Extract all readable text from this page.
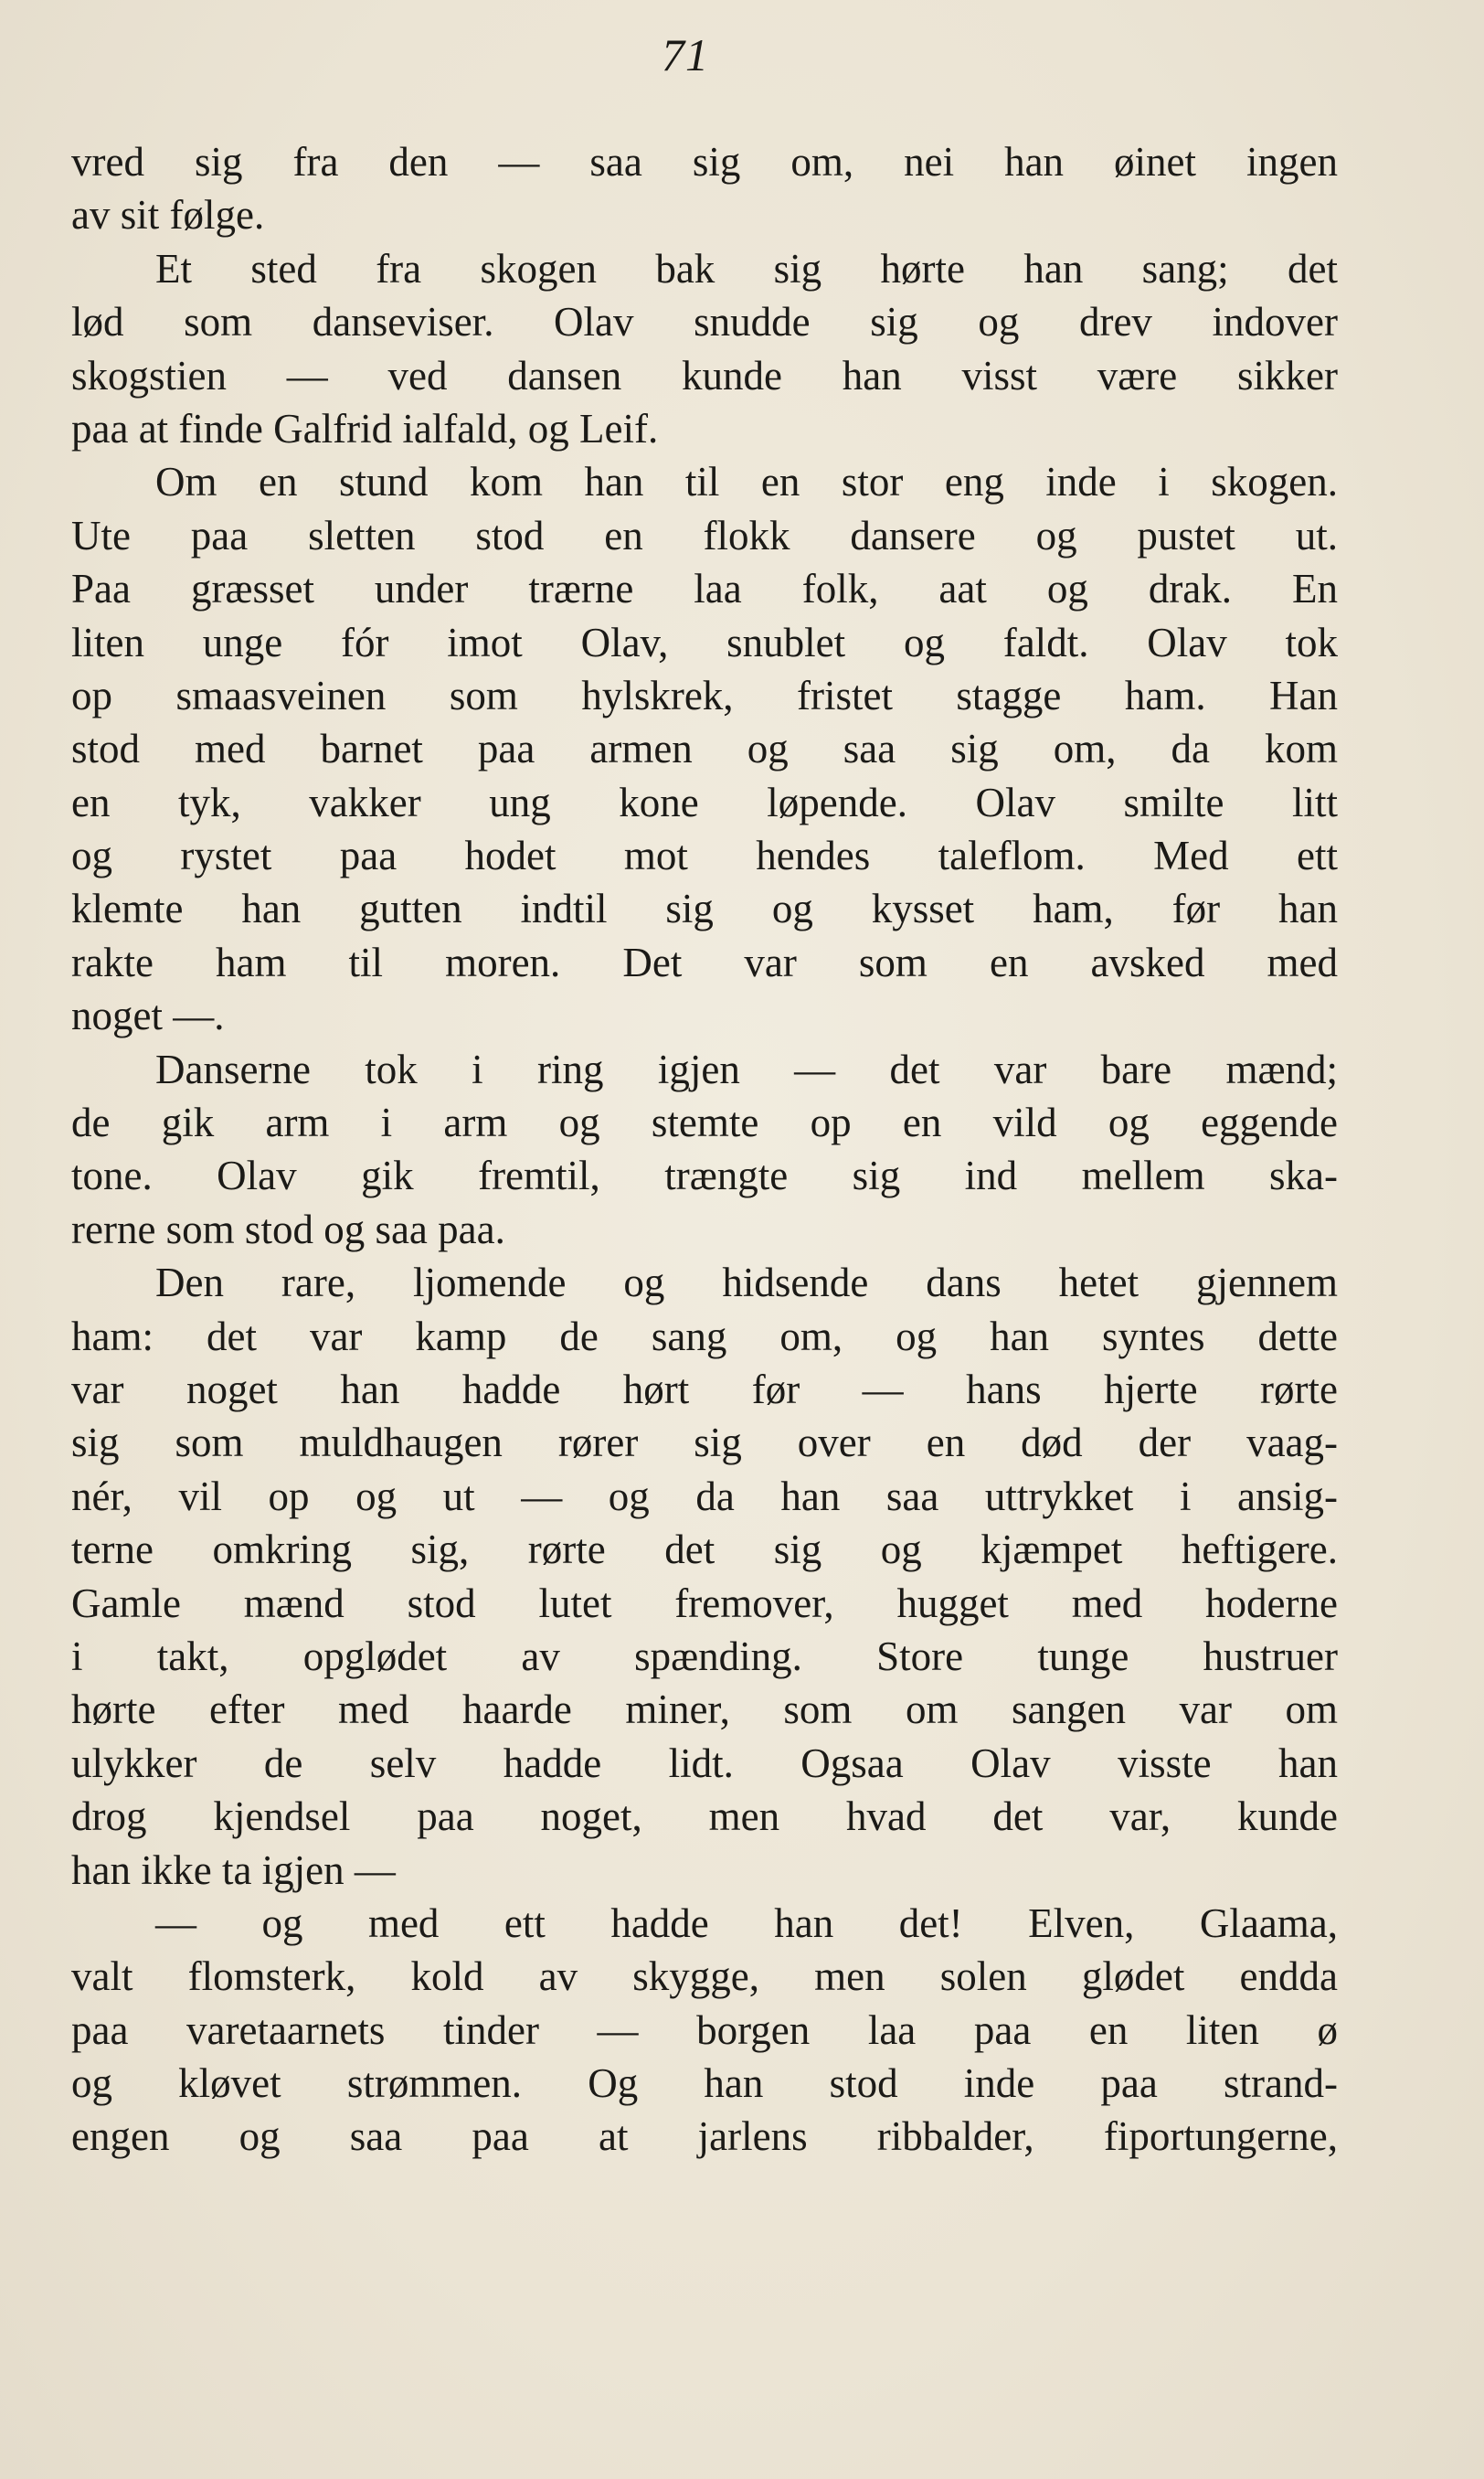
71
vred sig fra den — saa sig om, nei han øinet ingen
av sit følge.
Et sted fra skogen bak sig hørte han sang; det
lød som danseviser. Olav snudde sig og drev indover
skogstien — ved dansen kunde han visst være sikker
paa at finde Galfrid ialfald, og Leif.
Om en stund kom han til en stor eng inde i skogen.
Ute paa sletten stod en flokk dansere og pustet ut.
Paa græsset under trærne laa folk, aat og drak. En
liten unge fór imot Olav, snublet og faldt. Olav tok
op smaasveinen som hylskrek, fristet stagge ham. Han
stod med barnet paa armen og saa sig om, da kom
en tyk, vakker ung kone løpende. Olav smilte litt
og rystet paa hodet mot hendes taleflom. Med ett
klemte han gutten indtil sig og kysset ham, før han
rakte ham til moren. Det var som en avsked med
noget —.
Danserne tok i ring igjen — det var bare mænd;
de gik arm i arm og stemte op en vild og eggende
tone. Olav gik fremtil, trængte sig ind mellem ska-
rerne som stod og saa paa.
Den rare, ljomende og hidsende dans hetet gjennem
ham: det var kamp de sang om, og han syntes dette
var noget han hadde hørt før — hans hjerte rørte
sig som muldhaugen rører sig over en død der vaag-
nér, vil op og ut — og da han saa uttrykket i ansig-
terne omkring sig, rørte det sig og kjæmpet heftigere.
Gamle mænd stod lutet fremover, hugget med hoderne
i takt, opglødet av spænding. Store tunge hustruer
hørte efter med haarde miner, som om sangen var om
ulykker de selv hadde lidt. Ogsaa Olav visste han
drog kjendsel paa noget, men hvad det var, kunde
han ikke ta igjen —
— og med ett hadde han det! Elven, Glaama,
valt flomsterk, kold av skygge, men solen glødet endda
paa varetaarnets tinder — borgen laa paa en liten ø
og kløvet strømmen. Og han stod inde paa strand-
engen og saa paa at jarlens ribbalder, fiportungerne,
